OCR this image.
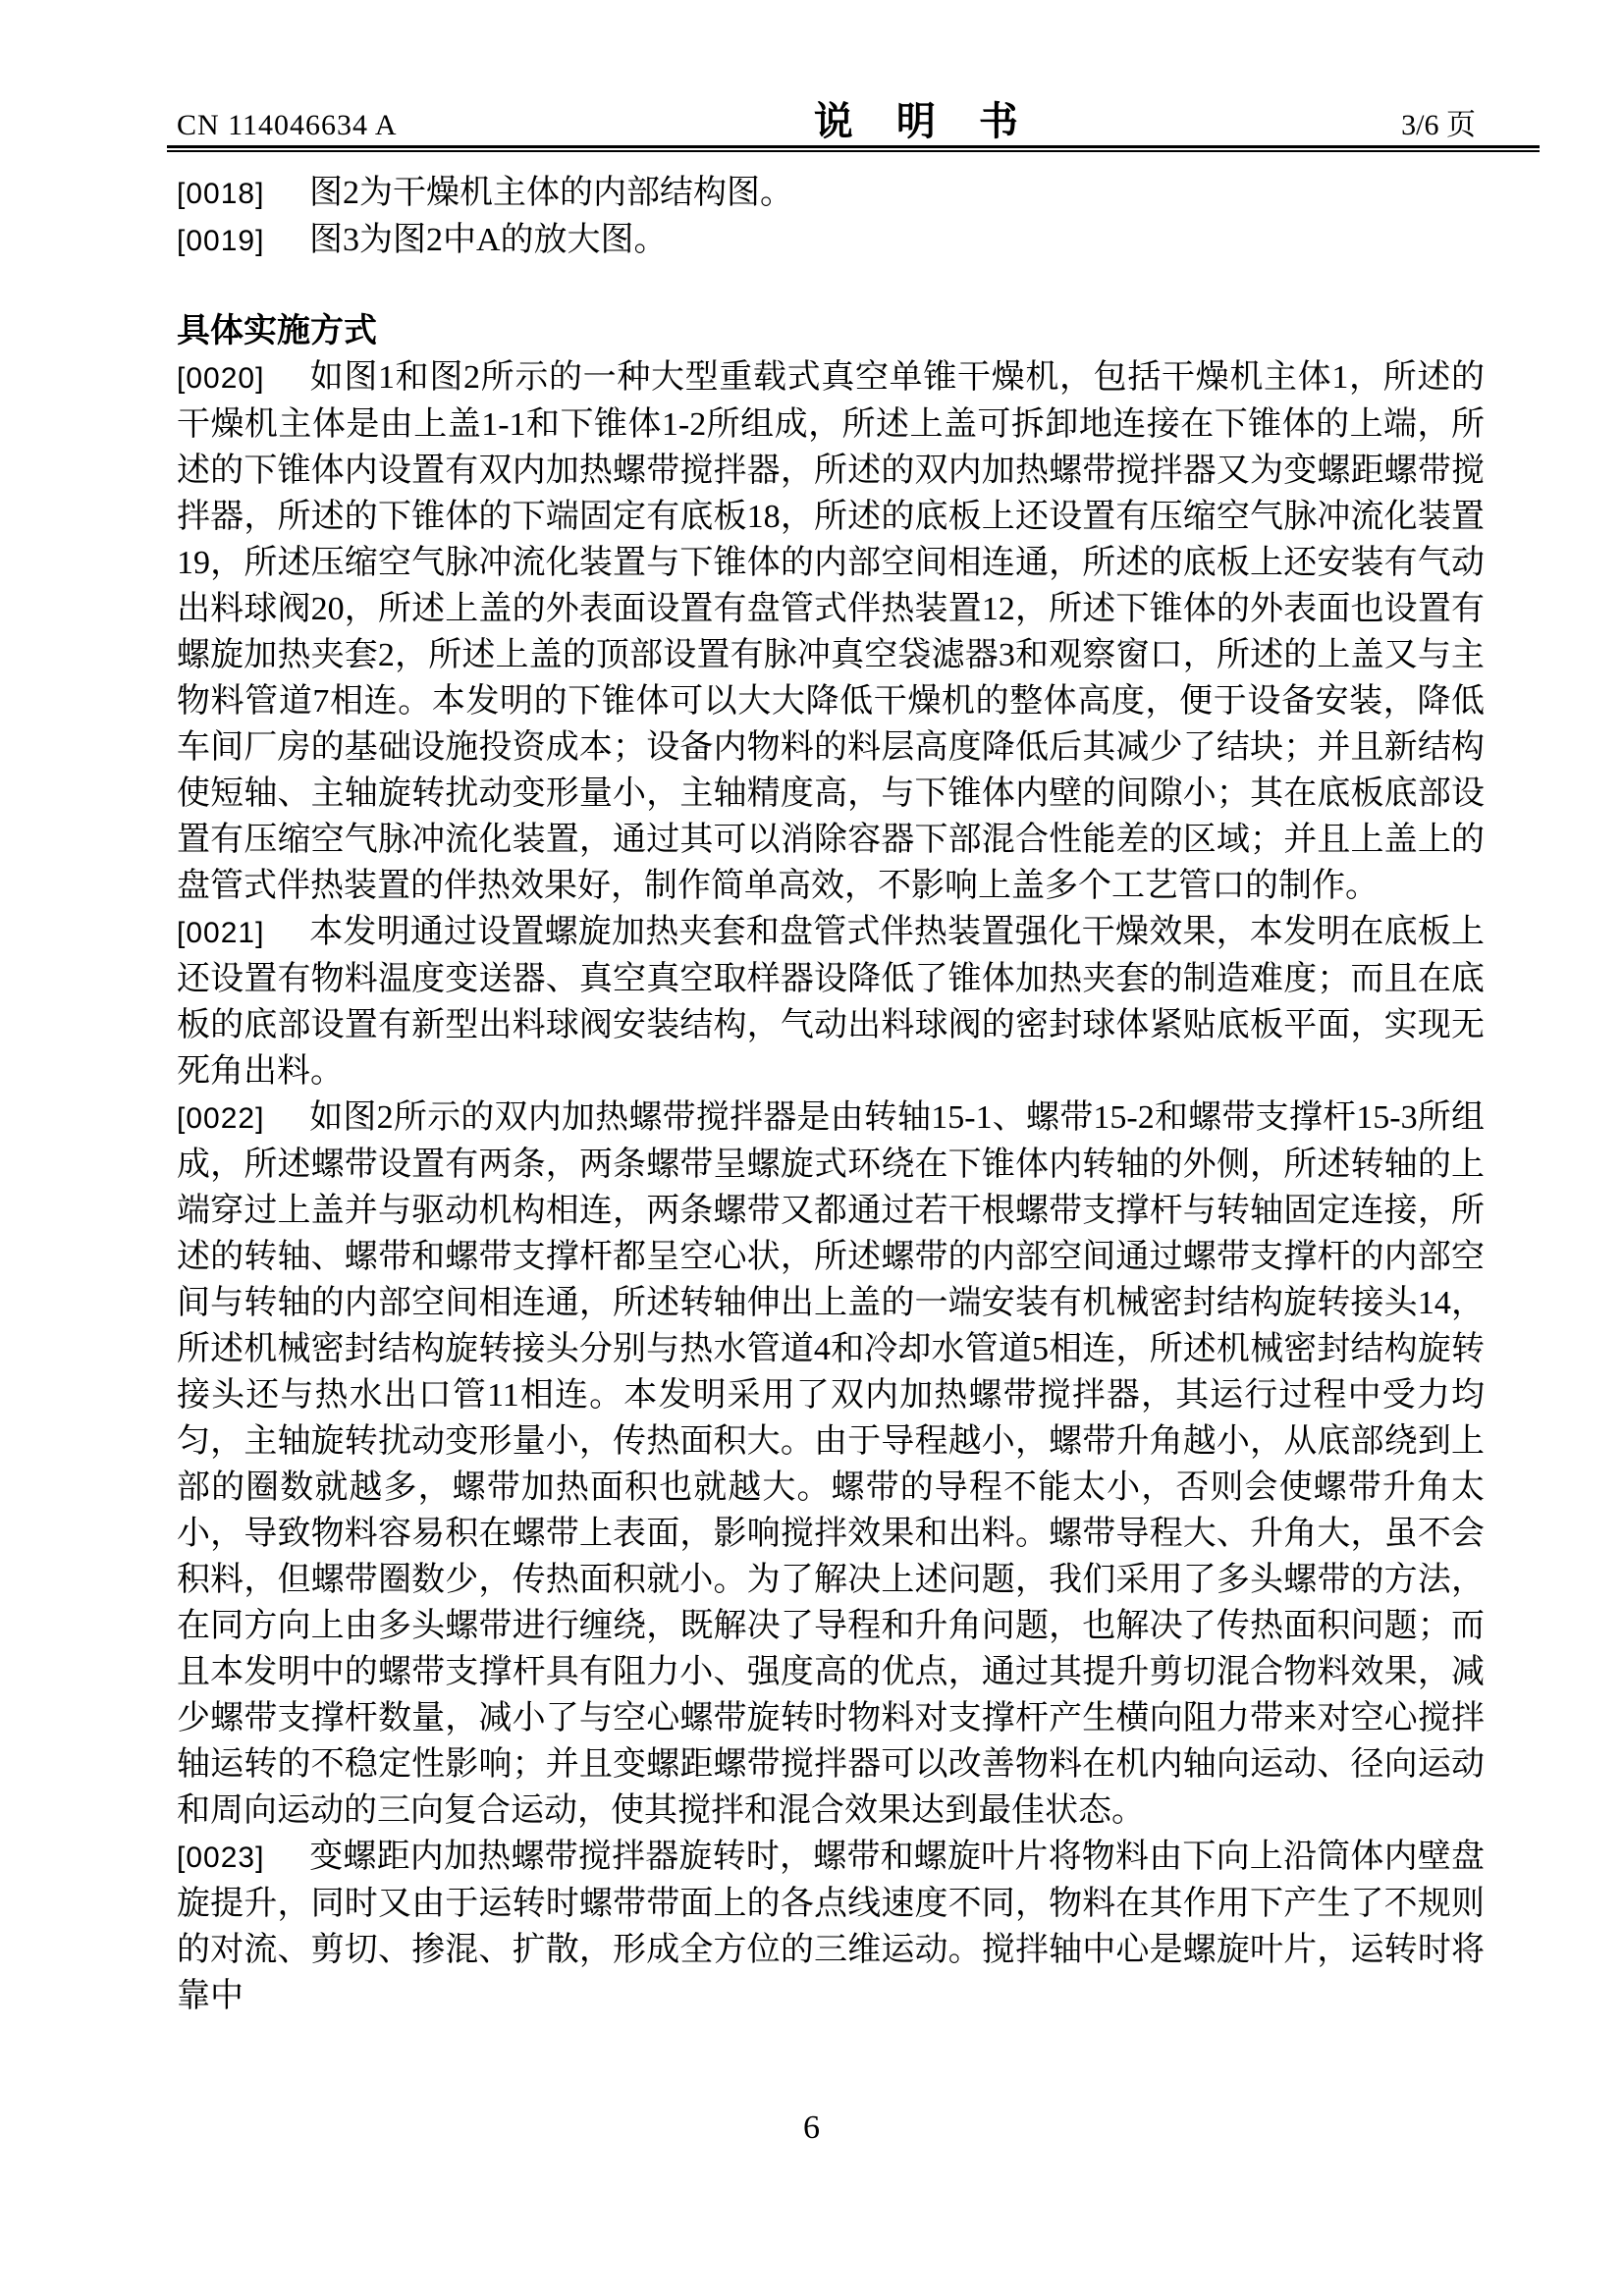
CN 114046634 A	说　明　书	3/6 页

[0018] 图2为干燥机主体的内部结构图。

[0019] 图3为图2中A的放大图。

具体实施方式

[0020] 如图1和图2所示的一种大型重载式真空单锥干燥机，包括干燥机主体1，所述的干燥机主体是由上盖1-1和下锥体1-2所组成，所述上盖可拆卸地连接在下锥体的上端，所述的下锥体内设置有双内加热螺带搅拌器，所述的双内加热螺带搅拌器又为变螺距螺带搅拌器，所述的下锥体的下端固定有底板18，所述的底板上还设置有压缩空气脉冲流化装置19，所述压缩空气脉冲流化装置与下锥体的内部空间相连通，所述的底板上还安装有气动出料球阀20，所述上盖的外表面设置有盘管式伴热装置12，所述下锥体的外表面也设置有螺旋加热夹套2，所述上盖的顶部设置有脉冲真空袋滤器3和观察窗口，所述的上盖又与主物料管道7相连。本发明的下锥体可以大大降低干燥机的整体高度，便于设备安装，降低车间厂房的基础设施投资成本；设备内物料的料层高度降低后其减少了结块；并且新结构使短轴、主轴旋转扰动变形量小，主轴精度高，与下锥体内壁的间隙小；其在底板底部设置有压缩空气脉冲流化装置，通过其可以消除容器下部混合性能差的区域；并且上盖上的盘管式伴热装置的伴热效果好，制作简单高效，不影响上盖多个工艺管口的制作。

[0021] 本发明通过设置螺旋加热夹套和盘管式伴热装置强化干燥效果，本发明在底板上还设置有物料温度变送器、真空真空取样器设降低了锥体加热夹套的制造难度；而且在底板的底部设置有新型出料球阀安装结构，气动出料球阀的密封球体紧贴底板平面，实现无死角出料。

[0022] 如图2所示的双内加热螺带搅拌器是由转轴15-1、螺带15-2和螺带支撑杆15-3所组成，所述螺带设置有两条，两条螺带呈螺旋式环绕在下锥体内转轴的外侧，所述转轴的上端穿过上盖并与驱动机构相连，两条螺带又都通过若干根螺带支撑杆与转轴固定连接，所述的转轴、螺带和螺带支撑杆都呈空心状，所述螺带的内部空间通过螺带支撑杆的内部空间与转轴的内部空间相连通，所述转轴伸出上盖的一端安装有机械密封结构旋转接头14，所述机械密封结构旋转接头分别与热水管道4和冷却水管道5相连，所述机械密封结构旋转接头还与热水出口管11相连。本发明采用了双内加热螺带搅拌器，其运行过程中受力均匀，主轴旋转扰动变形量小，传热面积大。由于导程越小，螺带升角越小，从底部绕到上部的圈数就越多，螺带加热面积也就越大。螺带的导程不能太小，否则会使螺带升角太小，导致物料容易积在螺带上表面，影响搅拌效果和出料。螺带导程大、升角大，虽不会积料，但螺带圈数少，传热面积就小。为了解决上述问题，我们采用了多头螺带的方法，在同方向上由多头螺带进行缠绕，既解决了导程和升角问题，也解决了传热面积问题；而且本发明中的螺带支撑杆具有阻力小、强度高的优点，通过其提升剪切混合物料效果，减少螺带支撑杆数量，减小了与空心螺带旋转时物料对支撑杆产生横向阻力带来对空心搅拌轴运转的不稳定性影响；并且变螺距螺带搅拌器可以改善物料在机内轴向运动、径向运动和周向运动的三向复合运动，使其搅拌和混合效果达到最佳状态。

[0023] 变螺距内加热螺带搅拌器旋转时，螺带和螺旋叶片将物料由下向上沿筒体内壁盘旋提升，同时又由于运转时螺带带面上的各点线速度不同，物料在其作用下产生了不规则的对流、剪切、掺混、扩散，形成全方位的三维运动。搅拌轴中心是螺旋叶片，运转时将靠中

6
